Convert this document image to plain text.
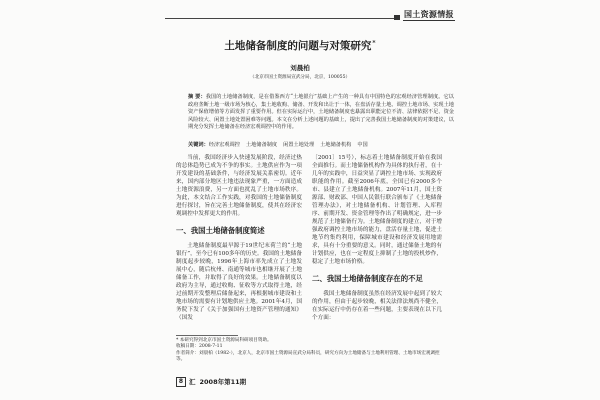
国土资源情报
土地储备制度的问题与对策研究*
刘晨柏
（北京市国土资源局宣武分局，北京，100055）
摘 要：我国的土地储备制度，是在借鉴西方“土地银行”基础上产生的一种具有中国特色的宏观经济管理制度。它以政府垄断土地一级市场为核心，集土地收购、储备、开发和出让于一体，在盘活存量土地、调控土地市场、实现土地资产保值增值等方面发挥了重要作用。但在实际运行中，土地储备制度也暴露出职能定位不清、法律依据不足、资金风险较大、闲置土地处置困难等问题。本文在分析上述问题的基础上，提出了完善我国土地储备制度的对策建议，以期充分发挥土地储备在经济宏观调控中的作用。
关键词：经济宏观调控 土地储备制度 闲置土地处理 土地储备机构 中国

当前，我国经济步入快速发展阶段，经济过热的总体趋势已成为不争的事实。土地供应作为一项开发建设的基础条件，与经济发展关系密切。近年来，国内部分地区土地违法现象严重，一方面造成土地资源浪费，另一方面也扰乱了土地市场秩序。为此，本文结合工作实践，对我国的土地储备制度进行探讨，旨在完善土地储备制度，使其在经济宏观调控中发挥更大的作用。

一、我国土地储备制度简述

土地储备制度最早源于19世纪末荷兰的“土地银行”，至今已有100多年的历史。我国的土地储备制度起步较晚，1996年上海市率先成立了土地发展中心，随后杭州、南通等城市也相继开展了土地储备工作，并取得了良好的效果。土地储备制度以政府为主导，通过收购、征收等方式取得土地，经过前期开发整理后储备起来，再根据城市建设和土地市场的需要有计划地供应土地。2001年4月，国务院下发了《关于加强国有土地资产管理的通知》（国发

〔2001〕15号），标志着土地储备制度开始在我国全面推行。而土地储备机构作为具体的执行者，在十几年的实践中，日益突显了调控土地市场、实现政府职能的作用。截至2006年底，全国已有2000多个市、县建立了土地储备机构。2007年11月，国土资源部、财政部、中国人民银行联合颁布了《土地储备管理办法》，对土地储备机构、计划管理、入库程序、前期开发、资金管理等作出了明确规定，进一步规范了土地储备行为。土地储备制度的建立，对于增强政府调控土地市场的能力，盘活存量土地，促进土地节约集约利用，保障城市建设和经济发展用地需求，具有十分重要的意义。同时，通过储备土地的有计划供应，也在一定程度上抑制了土地的投机炒作，稳定了土地市场价格。

二、我国土地储备制度存在的不足

我国土地储备制度虽然在经济发展中起到了较大的作用，但由于起步较晚，相关法律法规尚不健全，在实际运行中仍存在着一些问题，主要表现在以下几个方面：

* 本研究得到北京市国土资源局科研项目资助。
收稿日期：2008-7-11
作者简介：刘晨柏（1982-），北京人，北京市国土资源局宣武分局科员，研究方向为土地储备与土地利用管理、土地市场宏观调控等。
8 汇 2008年第11期
